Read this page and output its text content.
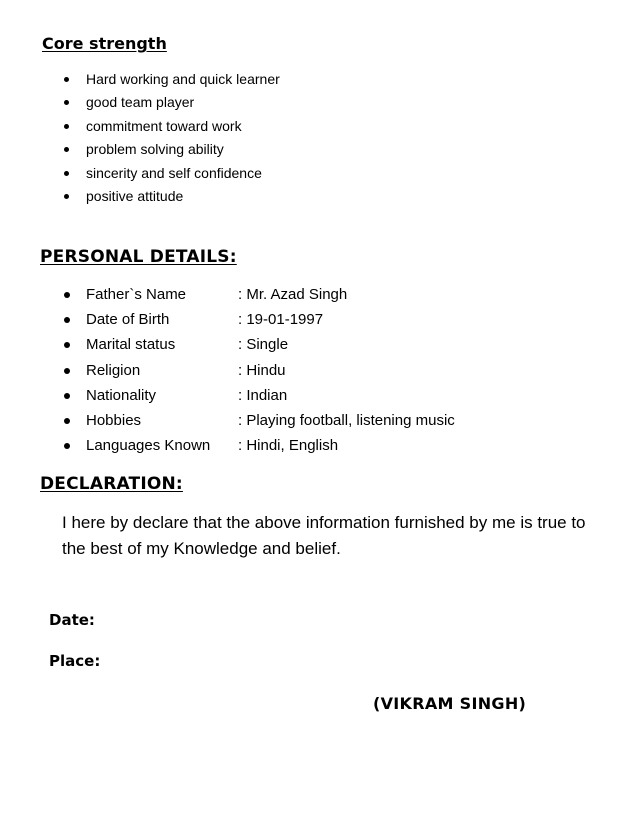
Core strength
Hard working and quick learner
good team player
commitment toward work
problem solving ability
sincerity and self confidence
positive attitude
PERSONAL DETAILS:
Father`s Name	: Mr. Azad Singh
Date of Birth	: 19-01-1997
Marital status	: Single
Religion	: Hindu
Nationality	: Indian
Hobbies	: Playing football, listening music
Languages Known: Hindi, English
DECLARATION:

I here by declare that the above information furnished by me is true to the best of my Knowledge and belief.

Date:

Place:

(VIKRAM SINGH)
